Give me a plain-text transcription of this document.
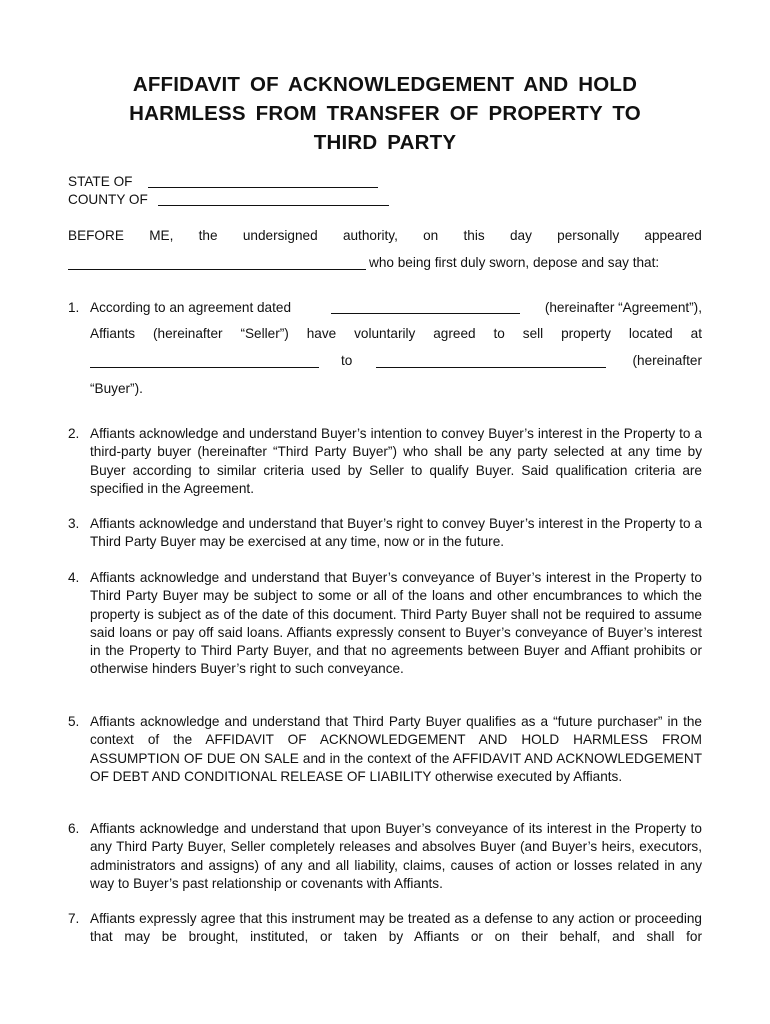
AFFIDAVIT OF ACKNOWLEDGEMENT AND HOLD
HARMLESS FROM TRANSFER OF PROPERTY TO
THIRD PARTY
STATE OF
COUNTY OF
BEFORE ME, the undersigned authority, on this day personally appeared
who being first duly sworn, depose and say that:
1. According to an agreement dated	(hereinafter “Agreement”),
Affiants (hereinafter “Seller”) have voluntarily agreed to sell property located at
to	(hereinafter
“Buyer”).
2. Affiants acknowledge and understand Buyer’s intention to convey Buyer’s interest in the Property to a third-party buyer (hereinafter “Third Party Buyer”) who shall be any party selected at any time by Buyer according to similar criteria used by Seller to qualify Buyer. Said qualification criteria are specified in the Agreement.
3. Affiants acknowledge and understand that Buyer’s right to convey Buyer’s interest in the Property to a Third Party Buyer may be exercised at any time, now or in the future.
4. Affiants acknowledge and understand that Buyer’s conveyance of Buyer’s interest in the Property to Third Party Buyer may be subject to some or all of the loans and other encumbrances to which the property is subject as of the date of this document. Third Party Buyer shall not be required to assume said loans or pay off said loans. Affiants expressly consent to Buyer’s conveyance of Buyer’s interest in the Property to Third Party Buyer, and that no agreements between Buyer and Affiant prohibits or otherwise hinders Buyer’s right to such conveyance.
5. Affiants acknowledge and understand that Third Party Buyer qualifies as a “future purchaser” in the context of the AFFIDAVIT OF ACKNOWLEDGEMENT AND HOLD HARMLESS FROM ASSUMPTION OF DUE ON SALE and in the context of the AFFIDAVIT AND ACKNOWLEDGEMENT OF DEBT AND CONDITIONAL RELEASE OF LIABILITY otherwise executed by Affiants.
6. Affiants acknowledge and understand that upon Buyer’s conveyance of its interest in the Property to any Third Party Buyer, Seller completely releases and absolves Buyer (and Buyer’s heirs, executors, administrators and assigns) of any and all liability, claims, causes of action or losses related in any way to Buyer’s past relationship or covenants with Affiants.
7. Affiants expressly agree that this instrument may be treated as a defense to any action or proceeding that may be brought, instituted, or taken by Affiants or on their behalf, and shall for
